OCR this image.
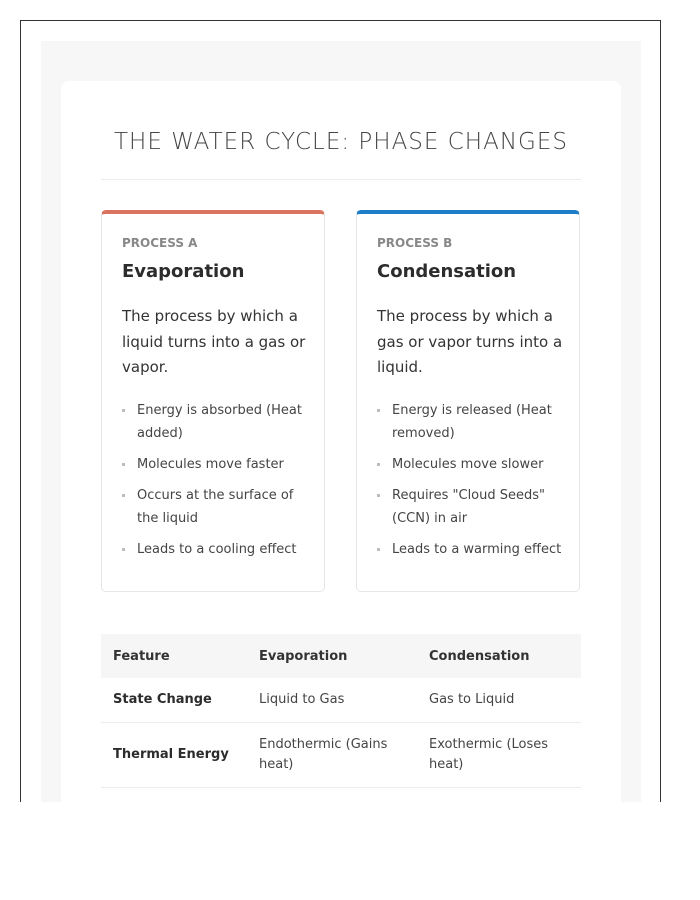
THE WATER CYCLE: PHASE CHANGES
PROCESS A
Evaporation
The process by which a liquid turns into a gas or vapor.
Energy is absorbed (Heat added)
Molecules move faster
Occurs at the surface of the liquid
Leads to a cooling effect
PROCESS B
Condensation
The process by which a gas or vapor turns into a liquid.
Energy is released (Heat removed)
Molecules move slower
Requires "Cloud Seeds" (CCN) in air
Leads to a warming effect
Feature	Evaporation	Condensation
State Change	Liquid to Gas	Gas to Liquid
Thermal Energy	Endothermic (Gains heat)	Exothermic (Loses heat)
